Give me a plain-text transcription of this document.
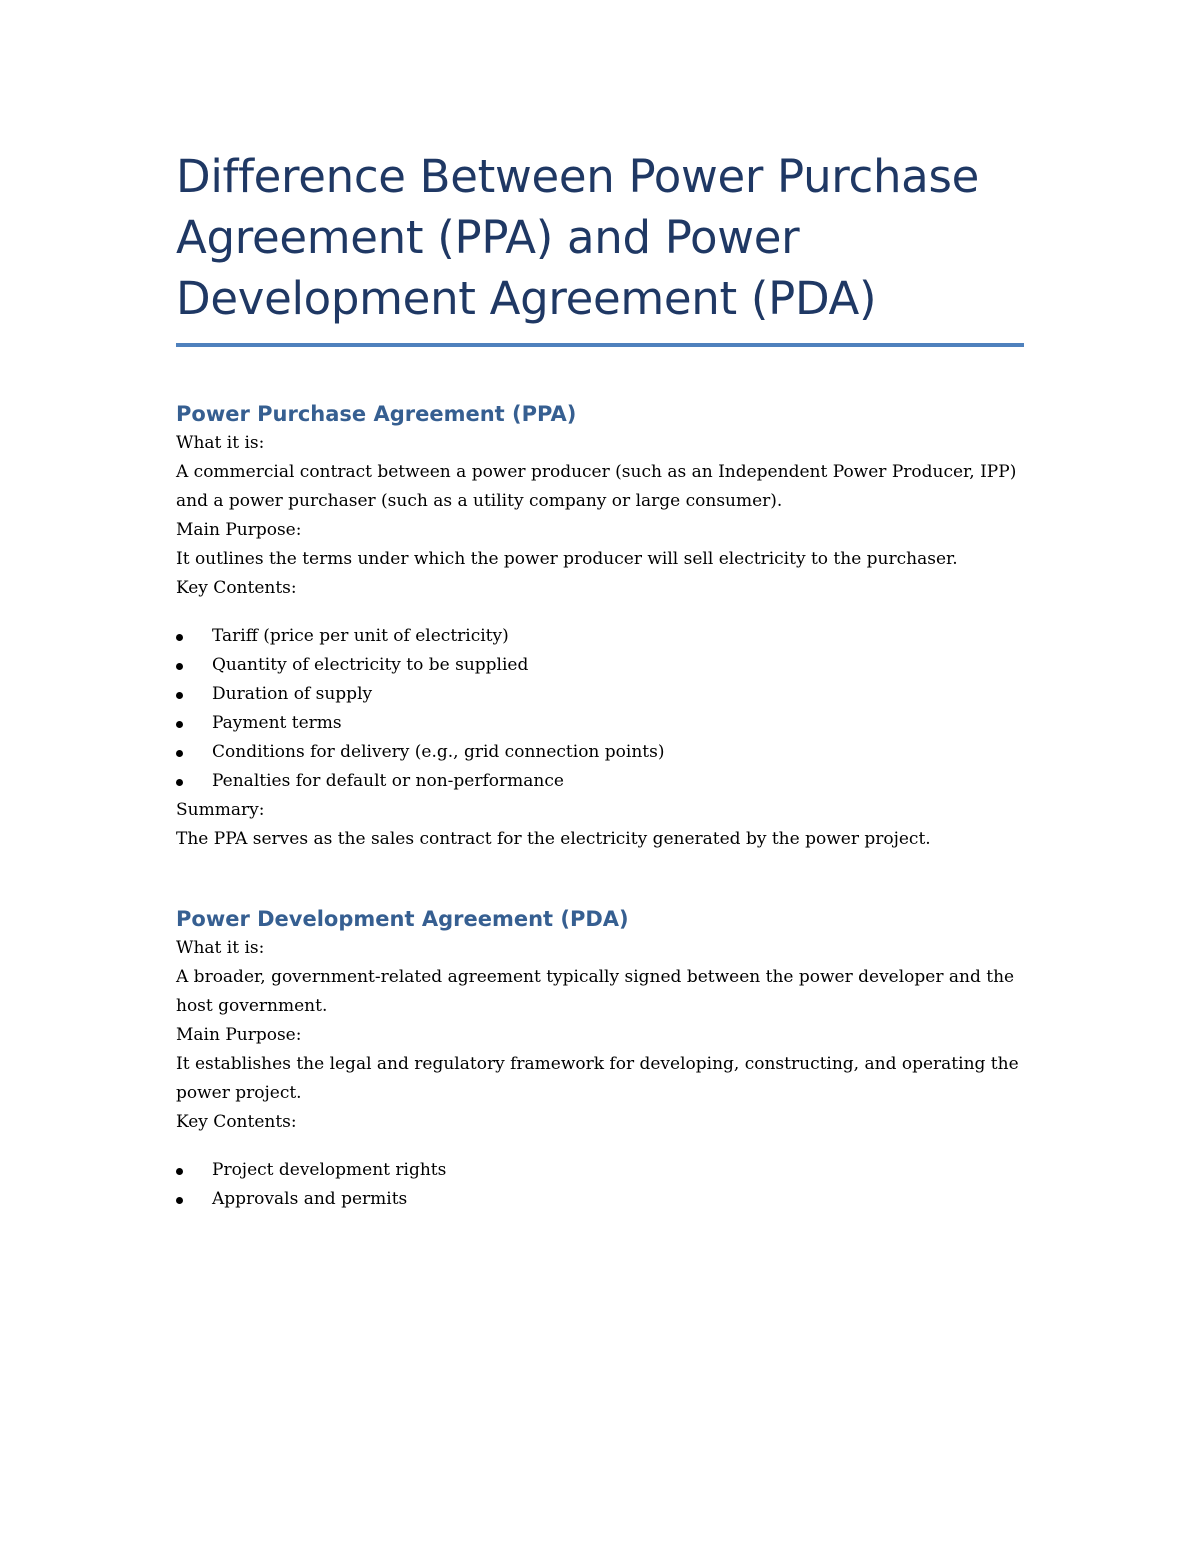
Difference Between Power Purchase Agreement (PPA) and Power Development Agreement (PDA)
Power Purchase Agreement (PPA)

What it is:

A commercial contract between a power producer (such as an Independent Power Producer, IPP) and a power purchaser (such as a utility company or large consumer).

Main Purpose:

It outlines the terms under which the power producer will sell electricity to the purchaser.

Key Contents:

Tariff (price per unit of electricity)
Quantity of electricity to be supplied
Duration of supply
Payment terms
Conditions for delivery (e.g., grid connection points)
Penalties for default or non-performance

Summary:

The PPA serves as the sales contract for the electricity generated by the power project.

Power Development Agreement (PDA)

What it is:

A broader, government-related agreement typically signed between the power developer and the host government.

Main Purpose:

It establishes the legal and regulatory framework for developing, constructing, and operating the power project.

Key Contents:

Project development rights
Approvals and permits
